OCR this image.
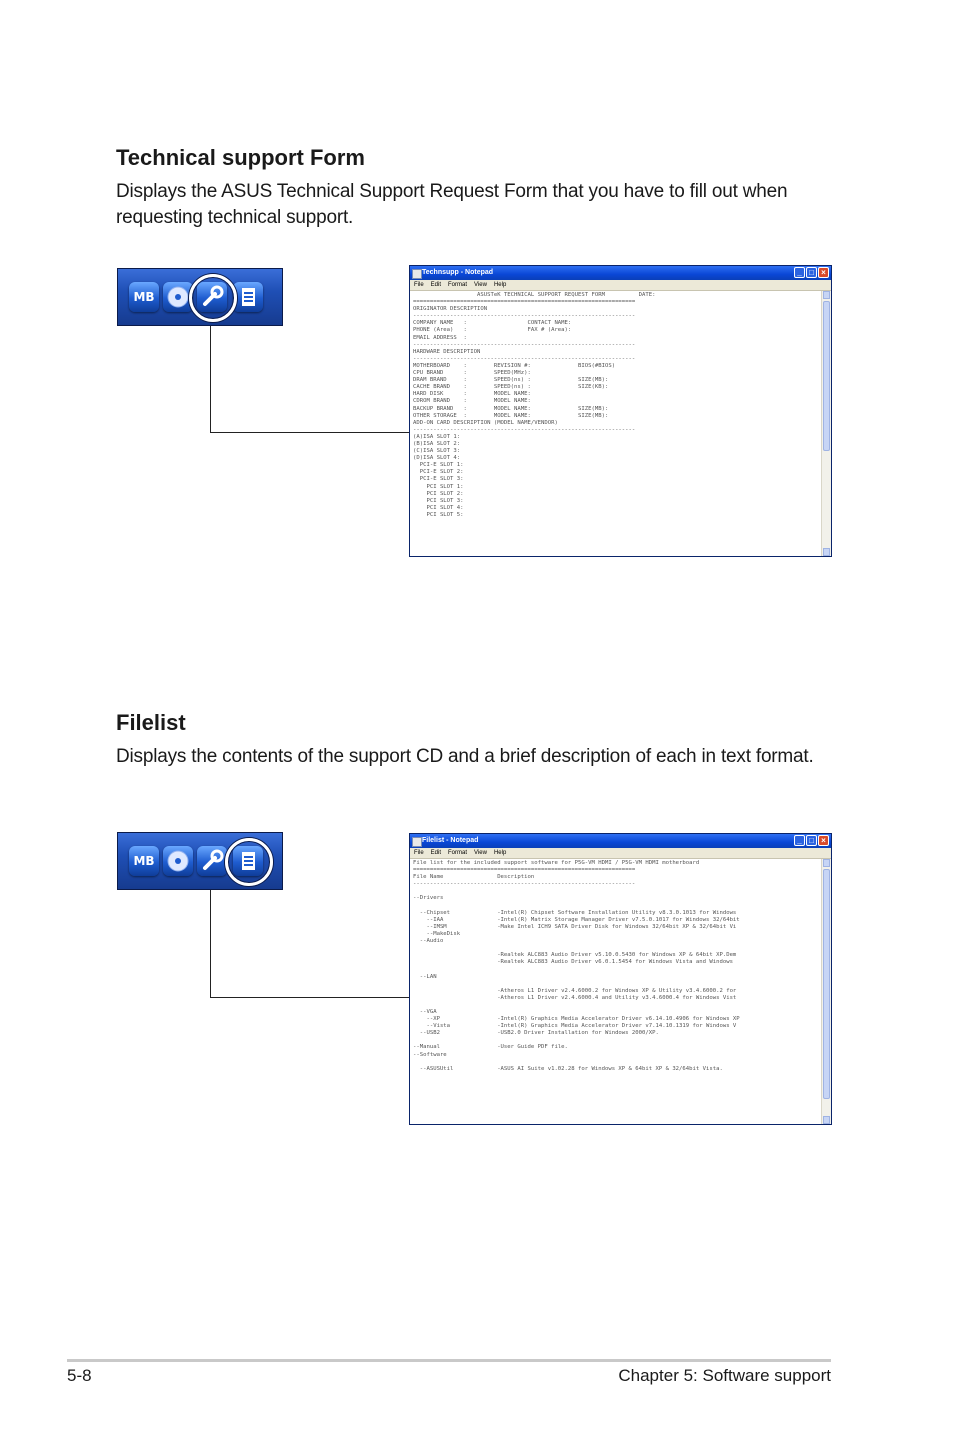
Technical support Form

Displays the ASUS Technical Support Request Form that you have to fill out when requesting technical support.

MB
Technsupp - Notepad	_ □ ×
File Edit Format View Help
ASUSTeK TECHNICAL SUPPORT REQUEST FORM          DATE:
==================================================================
ORIGINATOR DESCRIPTION
------------------------------------------------------------------
COMPANY NAME   :                  CONTACT NAME:
PHONE (Area)   :                  FAX # (Area):
EMAIL ADDRESS  :
------------------------------------------------------------------
HARDWARE DESCRIPTION
------------------------------------------------------------------
MOTHERBOARD    :        REVISION #:              BIOS(#BIOS)
CPU BRAND      :        SPEED(MHz):
DRAM BRAND     :        SPEED(ns) :              SIZE(MB):
CACHE BRAND    :        SPEED(ns) :              SIZE(KB):
HARD DISK      :        MODEL NAME:
CDROM BRAND    :        MODEL NAME:
BACKUP BRAND   :        MODEL NAME:              SIZE(MB):
OTHER STORAGE  :        MODEL NAME:              SIZE(MB):
ADD-ON CARD DESCRIPTION (MODEL NAME/VENDOR)
------------------------------------------------------------------
(A)ISA SLOT 1:
(B)ISA SLOT 2:
(C)ISA SLOT 3:
(D)ISA SLOT 4:
PCI-E SLOT 1:
PCI-E SLOT 2:
PCI-E SLOT 3:
PCI SLOT 1:
PCI SLOT 2:
PCI SLOT 3:
PCI SLOT 4:
PCI SLOT 5:
Filelist

Displays the contents of the support CD and a brief description of each in text format.

MB
Filelist - Notepad	_ □ ×
File Edit Format View Help
File list for the included support software for P5G-VM HDMI / P5G-VM HDMI motherboard
==================================================================
File Name                Description
------------------------------------------------------------------

--Drivers

--Chipset              -Intel(R) Chipset Software Installation Utility v8.3.0.1013 for Windows
--IAA                -Intel(R) Matrix Storage Manager Driver v7.5.0.1017 for Windows 32/64bit
--IMSM               -Make Intel ICH9 SATA Driver Disk for Windows 32/64bit XP & 32/64bit Vi
--MakeDisk
--Audio

-Realtek ALC883 Audio Driver v5.10.0.5430 for Windows XP & 64bit XP.Dem
-Realtek ALC883 Audio Driver v6.0.1.5454 for Windows Vista and Windows

--LAN

-Atheros L1 Driver v2.4.6000.2 for Windows XP & Utility v3.4.6000.2 for
-Atheros L1 Driver v2.4.6000.4 and Utility v3.4.6000.4 for Windows Vist

--VGA
--XP                 -Intel(R) Graphics Media Accelerator Driver v6.14.10.4906 for Windows XP
--Vista              -Intel(R) Graphics Media Accelerator Driver v7.14.10.1319 for Windows V
--USB2                 -USB2.0 Driver Installation for Windows 2000/XP.

--Manual                 -User Guide PDF file.
--Software

--ASUSUtil             -ASUS AI Suite v1.02.28 for Windows XP & 64bit XP & 32/64bit Vista.
5-8	Chapter 5: Software support
